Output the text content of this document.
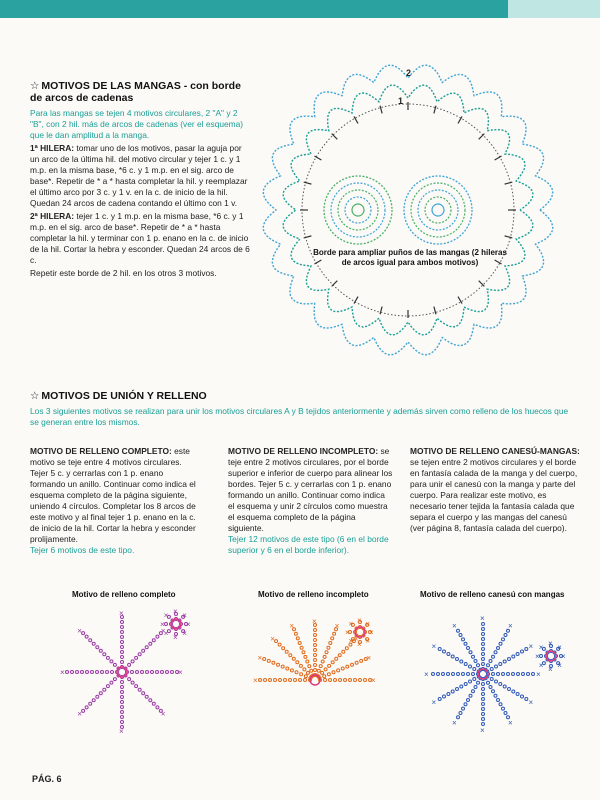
☆ MOTIVOS DE LAS MANGAS - con borde de arcos de cadenas
Para las mangas se tejen 4 motivos circulares, 2 "A" y 2 "B", con 2 hil. más de arcos de cadenas (ver el esquema) que le dan amplitud a la manga.
1ª HILERA: tomar uno de los motivos, pasar la aguja por un arco de la última hil. del motivo circular y tejer 1 c. y 1 m.p. en la misma base, *6 c. y 1 m.p. en el sig. arco de base*. Repetir de * a * hasta completar la hil. y reemplazar el último arco por 3 c. y 1 v. en la c. de inicio de la hil. Quedan 24 arcos de cadena contando el último con 1 v.
2ª HILERA: tejer 1 c. y 1 m.p. en la misma base, *6 c. y 1 m.p. en el sig. arco de base*. Repetir de * a * hasta completar la hil. y terminar con 1 p. enano en la c. de inicio de la hil. Cortar la hebra y esconder. Quedan 24 arcos de 6 c.
Repetir este borde de 2 hil. en los otros 3 motivos.
2
1
Borde para ampliar puños de las mangas (2 hileras de arcos igual para ambos motivos)
☆ MOTIVOS DE UNIÓN Y RELLENO
Los 3 siguientes motivos se realizan para unir los motivos circulares A y B tejidos anteriormente y además sirven como relleno de los huecos que se generan entre los mismos.
MOTIVO DE RELLENO COMPLETO: este motivo se teje entre 4 motivos circulares. Tejer 5 c. y cerrarlas con 1 p. enano formando un anillo. Continuar como indica el esquema completo de la página siguiente, uniendo 4 círculos. Completar los 8 arcos de este motivo y al final tejer 1 p. enano en la c. de inicio de la hil. Cortar la hebra y esconder prolijamente.
Tejer 6 motivos de este tipo.
MOTIVO DE RELLENO INCOMPLETO: se teje entre 2 motivos circulares, por el borde superior e inferior de cuerpo para alinear los bordes. Tejer 5 c. y cerrarlas con 1 p. enano formando un anillo. Continuar como indica el esquema y unir 2 círculos como muestra el esquema completo de la página siguiente.
Tejer 12 motivos de este tipo (6 en el borde superior y 6 en el borde inferior).
MOTIVO DE RELLENO CANESÚ-MANGAS: se tejen entre 2 motivos circulares y el borde en fantasía calada de la manga y del cuerpo, para unir el canesú con la manga y parte del cuerpo. Para realizar este motivo, es necesario tener tejida la fantasía calada que separa el cuerpo y las mangas del canesú (ver página 8, fantasía calada del cuerpo).
Motivo de relleno completo	Motivo de relleno incompleto	Motivo de relleno canesú con mangas
×
×
×
×
×
×
×
×
×
×
×
×
×
× × ×
×
×
×
× × ×
×
×
×
×
×
×
×
×
× × ×
×
×
×
×
×
×
×
×
×
×
×
×
×
×
×
×
×
× × ×
PÁG. 6
